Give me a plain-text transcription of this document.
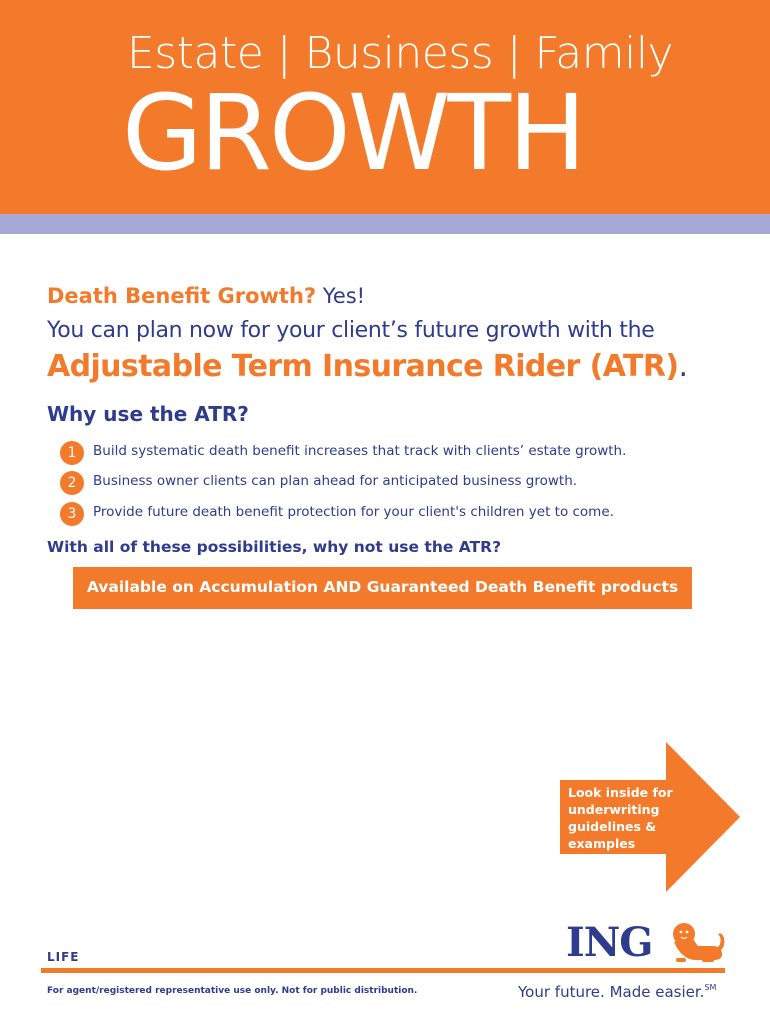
Estate | Business | Family
GROWTH
Death Benefit Growth? Yes!
You can plan now for your client’s future growth with the
Adjustable Term Insurance Rider (ATR).
Why use the ATR?
1	Build systematic death benefit increases that track with clients’ estate growth.
2	Business owner clients can plan ahead for anticipated business growth.
3	Provide future death benefit protection for your client's children yet to come.
With all of these possibilities, why not use the ATR?
Available on Accumulation AND Guaranteed Death Benefit products
Look inside for
underwriting
guidelines &
examples
LIFE	ING
For agent/registered representative use only. Not for public distribution.	Your future. Made easier.℠
